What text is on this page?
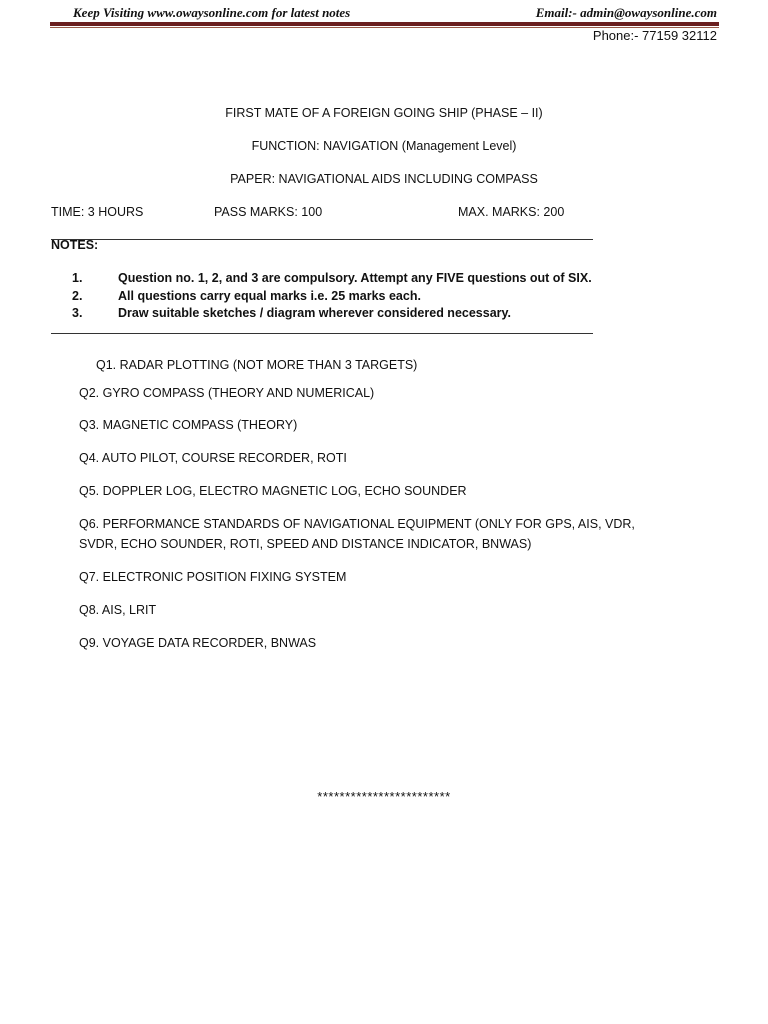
Keep Visiting www.owaysonline.com for latest notes	Email:- admin@owaysonline.com
Phone:- 77159 32112
FIRST MATE OF A FOREIGN GOING SHIP (PHASE – II)
FUNCTION: NAVIGATION (Management Level)
PAPER: NAVIGATIONAL AIDS INCLUDING COMPASS
TIME: 3 HOURS	PASS MARKS: 100	MAX. MARKS: 200
NOTES:
1.	Question no. 1, 2, and 3 are compulsory. Attempt any FIVE questions out of SIX.
2.	All questions carry equal marks i.e. 25 marks each.
3.	Draw suitable sketches / diagram wherever considered necessary.
Q1. RADAR PLOTTING (NOT MORE THAN 3 TARGETS)
Q2. GYRO COMPASS (THEORY AND NUMERICAL)
Q3. MAGNETIC COMPASS (THEORY)
Q4. AUTO PILOT, COURSE RECORDER, ROTI
Q5. DOPPLER LOG, ELECTRO MAGNETIC LOG, ECHO SOUNDER
Q6. PERFORMANCE STANDARDS OF NAVIGATIONAL EQUIPMENT (ONLY FOR GPS, AIS, VDR, SVDR, ECHO SOUNDER, ROTI, SPEED AND DISTANCE INDICATOR, BNWAS)
Q7. ELECTRONIC POSITION FIXING SYSTEM
Q8. AIS, LRIT
Q9. VOYAGE DATA RECORDER, BNWAS
************************
